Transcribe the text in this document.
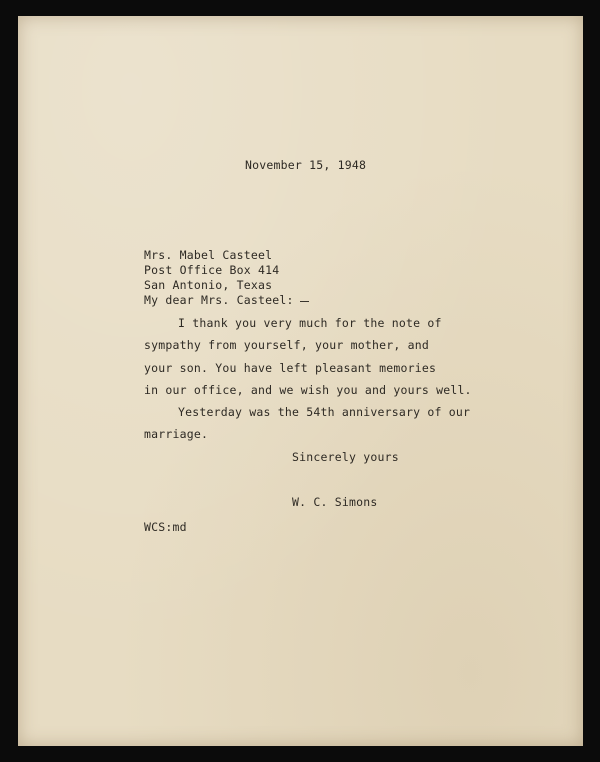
November 15, 1948
Mrs. Mabel Casteel
Post Office Box 414
San Antonio, Texas
My dear Mrs. Casteel:
I thank you very much for the note of
sympathy from yourself, your mother, and
your son. You have left pleasant memories
in our office, and we wish you and yours well.
Yesterday was the 54th anniversary of our
marriage.
Sincerely yours
W. C. Simons
WCS:md
